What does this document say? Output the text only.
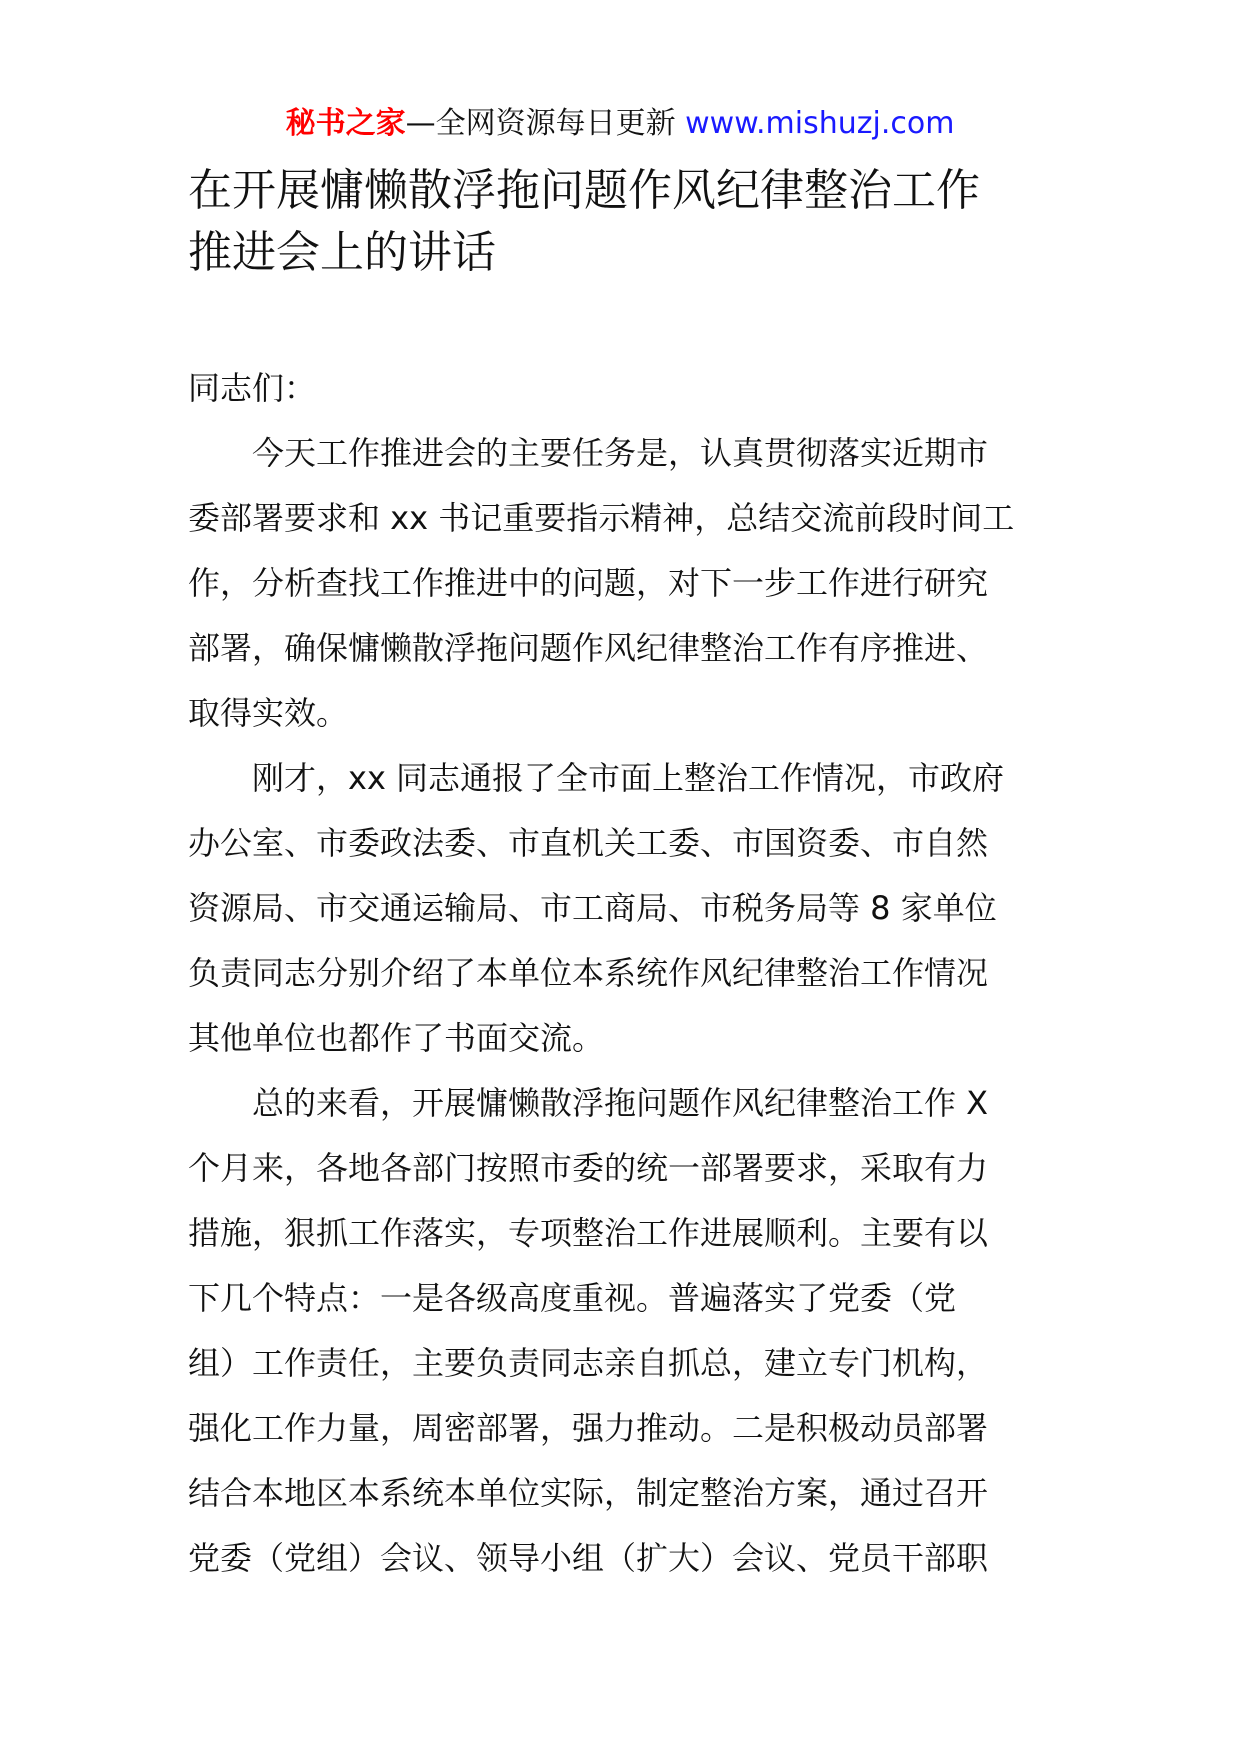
秘书之家—全网资源每日更新 www.mishuzj.com
在开展慵懒散浮拖问题作风纪律整治工作
推进会上的讲话
同志们：
今天工作推进会的主要任务是，认真贯彻落实近期市
委部署要求和 xx 书记重要指示精神，总结交流前段时间工
作，分析查找工作推进中的问题，对下一步工作进行研究
部署，确保慵懒散浮拖问题作风纪律整治工作有序推进、
取得实效。
刚才，xx 同志通报了全市面上整治工作情况，市政府
办公室、市委政法委、市直机关工委、市国资委、市自然
资源局、市交通运输局、市工商局、市税务局等 8 家单位
负责同志分别介绍了本单位本系统作风纪律整治工作情况
其他单位也都作了书面交流。
总的来看，开展慵懒散浮拖问题作风纪律整治工作 X
个月来，各地各部门按照市委的统一部署要求，采取有力
措施，狠抓工作落实，专项整治工作进展顺利。主要有以
下几个特点：一是各级高度重视。普遍落实了党委（党
组）工作责任，主要负责同志亲自抓总，建立专门机构，
强化工作力量，周密部署，强力推动。二是积极动员部署
结合本地区本系统本单位实际，制定整治方案，通过召开
党委（党组）会议、领导小组（扩大）会议、党员干部职
